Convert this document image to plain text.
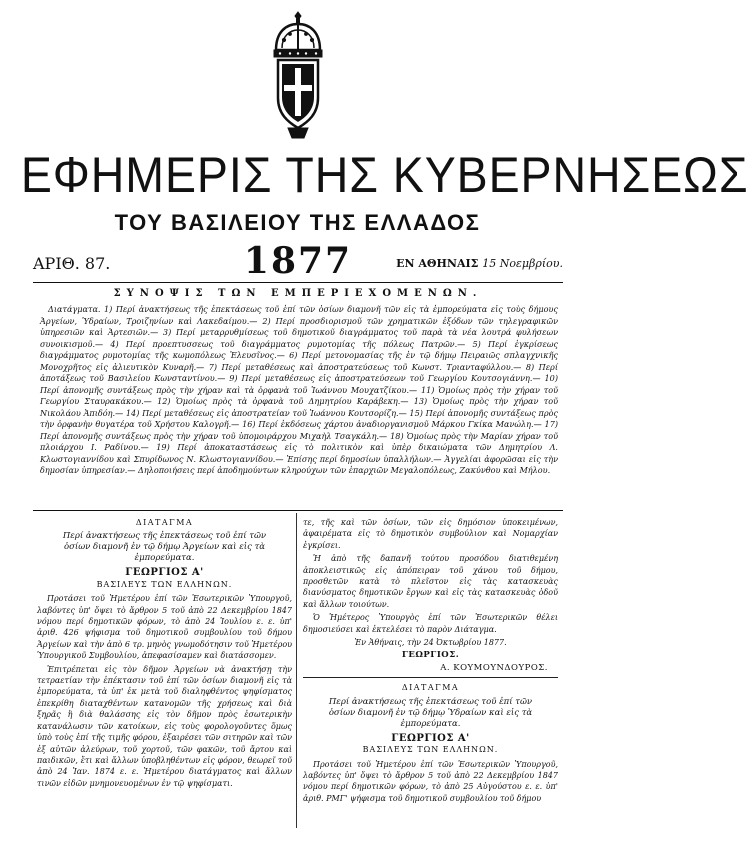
ΕΦΗΜΕΡΙΣ ΤΗΣ ΚΥΒΕΡΝΗΣΕΩΣ
ΤΟΥ ΒΑΣΙΛΕΙΟΥ ΤΗΣ ΕΛΛΑΔΟΣ
ΑΡΙΘ. 87.	1877	ΕΝ ΑΘΗΝΑΙΣ 15 Νοεμβρίου.
ΣΥΝΟΨΙΣ ΤΩΝ ΕΜΠΕΡΙΕΧΟΜΕΝΩΝ.
Διατάγματα. 1) Περί ἀνακτήσεως τῆς ἐπεκτάσεως τοῦ ἐπί τῶν ὁσίων διαμονῆ τῶν εἰς τὰ ἐμπορεύματα εἰς τοὺς δήμους Ἀργείων, Ὑδραίων, Τροιζηνίων καὶ Λακεδαίμου.— 2) Περί προσδιορισμοῦ τῶν χρηματικῶν ἐξόδων τῶν τηλεγραφικῶν ὑπηρεσιῶν καὶ Ἀρτεσιῶν.— 3) Περί μεταρρυθμίσεως τοῦ δημοτικοῦ διαγράμματος τοῦ παρὰ τὰ νέα λουτρά φυλήσεων συνοικισμοῦ.— 4) Περί προεπτυσσεως τοῦ διαγράμματος ρυμοτομίας τῆς πόλεως Πατρῶν.— 5) Περί ἐγκρίσεως διαγράμματος ρυμοτομίας τῆς κωμοπόλεως Ἐλευσῖνος.— 6) Περί μετονομασίας τῆς ἐν τῷ δήμῳ Πειραιῶς σπλαγχνικῆς Μονοχρῆτος εἰς ἁλιευτικὸν Κυναρῆ.— 7) Περί μεταθέσεως καὶ ἀποστρατεύσεως τοῦ Κωνστ. Τριανταφύλλου.— 8) Περί ἀποτάξεως τοῦ Βασιλείου Κωνσταντίνου.— 9) Περί μεταθέσεως εἰς ἀποστρατεύσεων τοῦ Γεωργίου Κουτσογιάννη.— 10) Περί ἀπονομῆς συντάξεως πρὸς τὴν χήραν καὶ τὰ ὀρφανὰ τοῦ Ἰωάννου Μουχατζίκου.— 11) Ὁμοίως πρὸς τὴν χήραν τοῦ Γεωργίου Σταυρακάκου.— 12) Ὁμοίως πρὸς τὰ ὀρφανὰ τοῦ Δημητρίου Καράβεκη.— 13) Ὁμοίως πρὸς τὴν χήραν τοῦ Νικολάου Ἀπιδόη.— 14) Περί μεταθέσεως εἰς ἀποστρατείαν τοῦ Ἰωάννου Κουτσορίζη.— 15) Περί ἀπονομῆς συντάξεως πρὸς τὴν ὀρφανὴν θυγατέρα τοῦ Χρήστου Καλογρῆ.— 16) Περί ἐκδόσεως χάρτου ἀναδιοργανισμοῦ Μάρκου Γκίκα Μανώλη.— 17) Περί ἀπονομῆς συντάξεως πρὸς τὴν χήραν τοῦ ὑπομοιράρχου Μιχαὴλ Τσαγκάλη.— 18) Ὁμοίως πρὸς τὴν Μαρίαν χήραν τοῦ πλοιάρχου Ι. Ραδίνου.— 19) Περί ἀποκαταστάσεως εἰς τὸ πολιτικὸν καὶ ὑπὲρ δικαιώματα τῶν Δημητρίου Λ. Κλωστογιαννίδου καὶ Σπυρίδωνος Ν. Κλωστογιαννίδου.— Ἐπίσης περί δημοσίων ὑπαλλήλων.— Ἀγγελίαι ἀφορῶσαι εἰς τὴν δημοσίαν ὑπηρεσίαν.— Δηλοποιήσεις περί ἀποδημούντων κληρούχων τῶν ἐπαρχιῶν Μεγαλοπόλεως, Ζακύνθου καὶ Μήλου.
ΔΙΑΤΑΓΜΑ
Περί ἀνακτήσεως τῆς ἐπεκτάσεως τοῦ ἐπί τῶν ὁσίων διαμονῆ ἐν τῷ δήμῳ Ἀργείων καὶ εἰς τὰ ἐμπορεύματα.
ΓΕΩΡΓΙΟΣ Α'
ΒΑΣΙΛΕΥΣ ΤΩΝ ΕΛΛΗΝΩΝ.

Προτάσει τοῦ Ἡμετέρου ἐπί τῶν Ἐσωτερικῶν Ὑπουργοῦ, λαβόντες ὑπ' ὄψει τὸ ἄρθρον 5 τοῦ ἀπὸ 22 Δεκεμβρίου 1847 νόμου περί δημοτικῶν φόρων, τὸ ἀπὸ 24 Ἰουλίου ε. ε. ὑπ' ἀριθ. 426 ψήφισμα τοῦ δημοτικοῦ συμβουλίου τοῦ δήμου Ἀργείων καὶ τὴν ἀπὸ 6 τρ. μηνὸς γνωμοδότησιν τοῦ Ἡμετέρου Ὑπουργικοῦ Συμβουλίου, ἀπεφασίσαμεν καὶ διατάσσομεν.

Ἐπιτρέπεται εἰς τὸν δῆμον Ἀργείων νὰ ἀνακτήσῃ τὴν τετραετίαν τὴν ἐπέκτασιν τοῦ ἐπί τῶν ὁσίων διαμονῆ εἰς τὰ ἐμπορεύματα, τὰ ὑπ' ἐκ μετὰ τοῦ διαληφθέντος ψηφίσματος ἐπεκρίθη διαταχθέντων κατανομῶν τῆς χρήσεως καὶ διὰ ξηρᾶς ἢ διὰ θαλάσσης εἰς τὸν δῆμον πρὸς ἐσωτερικὴν κατανάλωσιν τῶν κατοίκων, εἰς τοὺς φορολογοῦντες ὅμως ὑπὸ τοὺς ἐπί τῆς τιμῆς φόρου, ἐξαιρέσει τῶν σιτηρῶν καὶ τῶν ἐξ αὐτῶν ἀλεύρων, τοῦ χορτοῦ, τῶν φακῶν, τοῦ ἄρτου καὶ παιδικῶν, ἔτι καὶ ἄλλων ὑποβληθέντων εἰς φόρον, θεωρεῖ τοῦ ἀπὸ 24 Ἰαν. 1874 ε. ε. Ἡμετέρου διατάγματος καὶ ἄλλων τινῶν εἰδῶν μνημονευομένων ἐν τῷ ψηφίσματι.

τε, τῆς καὶ τῶν ὁσίων, τῶν εἰς δημόσιον ὑποκειμένων, ἀφαιρέματα εἰς τὸ δημοτικὸν συμβούλιον καὶ Νομαρχίαν ἐγκρίσει.

Ἡ ἀπὸ τῆς δαπανῆ τούτου προσόδου διατιθεμένη ἀποκλειστικῶς εἰς ἀπόπειραν τοῦ χάνου τοῦ δήμου, προσθετῶν κατὰ τὸ πλεῖστον εἰς τὰς κατασκευὰς διανύσματος δημοτικῶν ἔργων καὶ εἰς τὰς κατασκευὰς ὁδοῦ καὶ ἄλλων τοιούτων.

Ὁ Ἡμέτερος Ὑπουργὸς ἐπί τῶν Ἐσωτερικῶν θέλει δημοσιεύσει καὶ ἐκτελέσει τὸ παρὸν Διάταγμα.

Ἐν Ἀθήναις, τὴν 24 Ὀκτωβρίου 1877.

ΓΕΩΡΓΙΟΣ.
Α. ΚΟΥΜΟΥΝΔΟΥΡΟΣ.
ΔΙΑΤΑΓΜΑ
Περί ἀνακτήσεως τῆς ἐπεκτάσεως τοῦ ἐπί τῶν ὁσίων διαμονῆ ἐν τῷ δήμῳ Ὑδραίων καὶ εἰς τὰ ἐμπορεύματα.
ΓΕΩΡΓΙΟΣ Α'
ΒΑΣΙΛΕΥΣ ΤΩΝ ΕΛΛΗΝΩΝ.

Προτάσει τοῦ Ἡμετέρου ἐπί τῶν Ἐσωτερικῶν Ὑπουργοῦ, λαβόντες ὑπ' ὄψει τὸ ἄρθρον 5 τοῦ ἀπὸ 22 Δεκεμβρίου 1847 νόμου περί δημοτικῶν φόρων, τὸ ἀπὸ 25 Αὐγούστου ε. ε. ὑπ' ἀριθ. ΡΜΓ' ψήφισμα τοῦ δημοτικοῦ συμβουλίου τοῦ δήμου
